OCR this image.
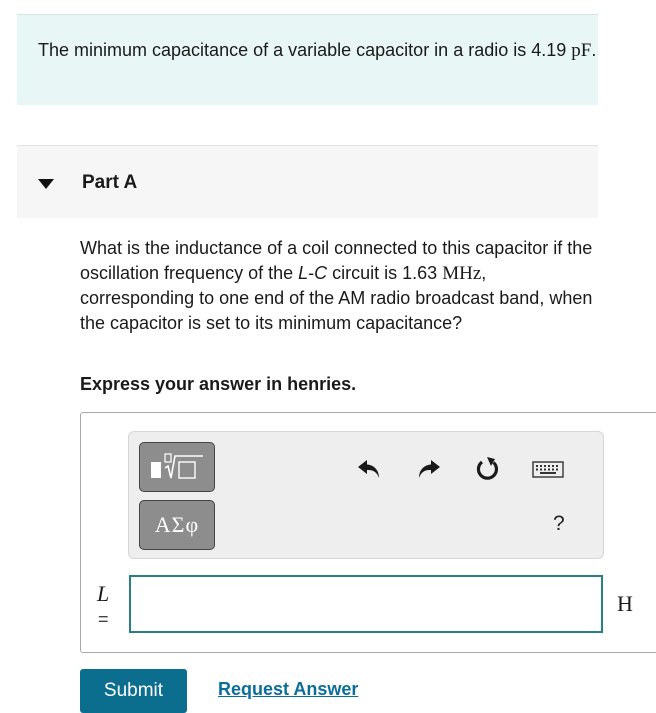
The minimum capacitance of a variable capacitor in a radio is 4.19 pF.
Part A
What is the inductance of a coil connected to this capacitor if the oscillation frequency of the L-C circuit is 1.63 MHz, corresponding to one end of the AM radio broadcast band, when the capacitor is set to its minimum capacitance?
Express your answer in henries.
ΑΣφ	?
L
=
H
Submit	Request Answer
